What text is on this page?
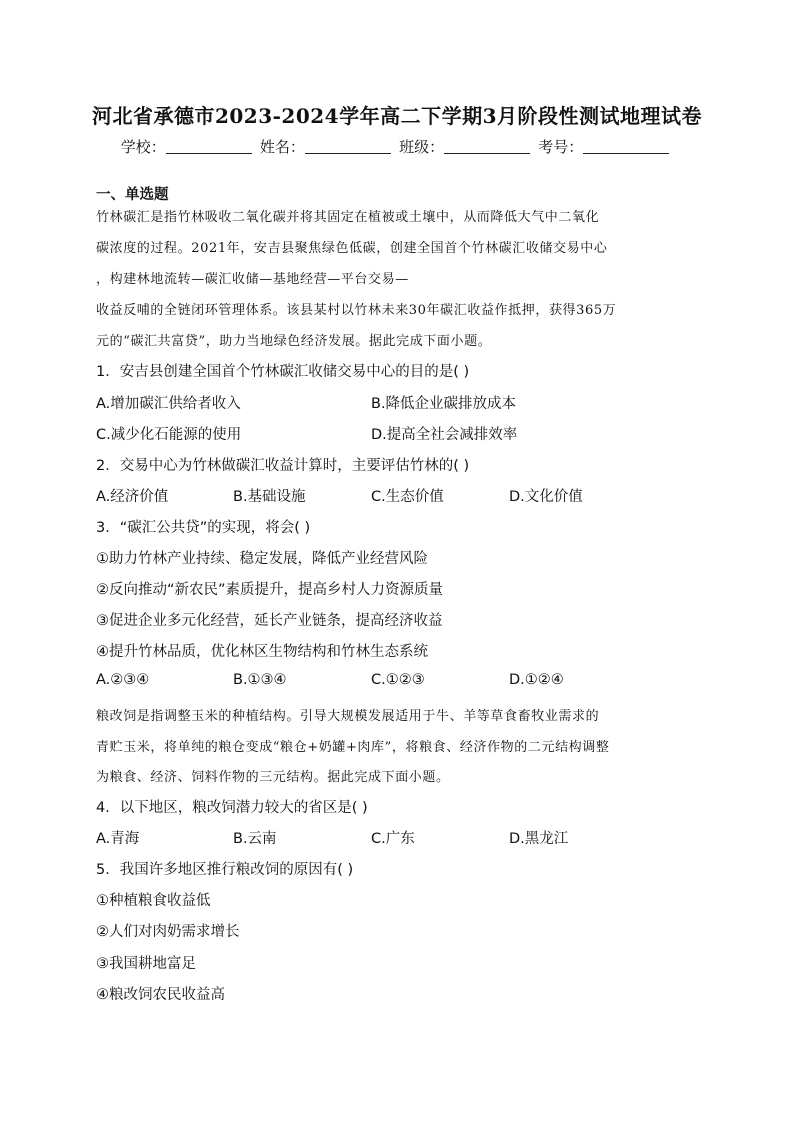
河北省承德市2023-2024学年高二下学期3月阶段性测试地理试卷
学校：	姓名：	班级：	考号：
一、单选题
竹林碳汇是指竹林吸收二氧化碳并将其固定在植被或土壤中，从而降低大气中二氧化
碳浓度的过程。2021年，安吉县聚焦绿色低碳，创建全国首个竹林碳汇收储交易中心
，构建林地流转—碳汇收储—基地经营—平台交易—
收益反哺的全链闭环管理体系。该县某村以竹林未来30年碳汇收益作抵押，获得365万
元的“碳汇共富贷”，助力当地绿色经济发展。据此完成下面小题。
1．安吉县创建全国首个竹林碳汇收储交易中心的目的是( )
A.增加碳汇供给者收入	B.降低企业碳排放成本
C.减少化石能源的使用	D.提高全社会减排效率
2．交易中心为竹林做碳汇收益计算时，主要评估竹林的( )
A.经济价值	B.基础设施	C.生态价值	D.文化价值
3．“碳汇公共贷”的实现，将会( )
①助力竹林产业持续、稳定发展，降低产业经营风险
②反向推动“新农民”素质提升，提高乡村人力资源质量
③促进企业多元化经营，延长产业链条，提高经济收益
④提升竹林品质，优化林区生物结构和竹林生态系统
A.②③④	B.①③④	C.①②③	D.①②④
粮改饲是指调整玉米的种植结构。引导大规模发展适用于牛、羊等草食畜牧业需求的
青贮玉米，将单纯的粮仓变成“粮仓+奶罐+肉库”，将粮食、经济作物的二元结构调整
为粮食、经济、饲料作物的三元结构。据此完成下面小题。
4．以下地区，粮改饲潜力较大的省区是( )
A.青海	B.云南	C.广东	D.黑龙江
5．我国许多地区推行粮改饲的原因有( )
①种植粮食收益低
②人们对肉奶需求增长
③我国耕地富足
④粮改饲农民收益高
